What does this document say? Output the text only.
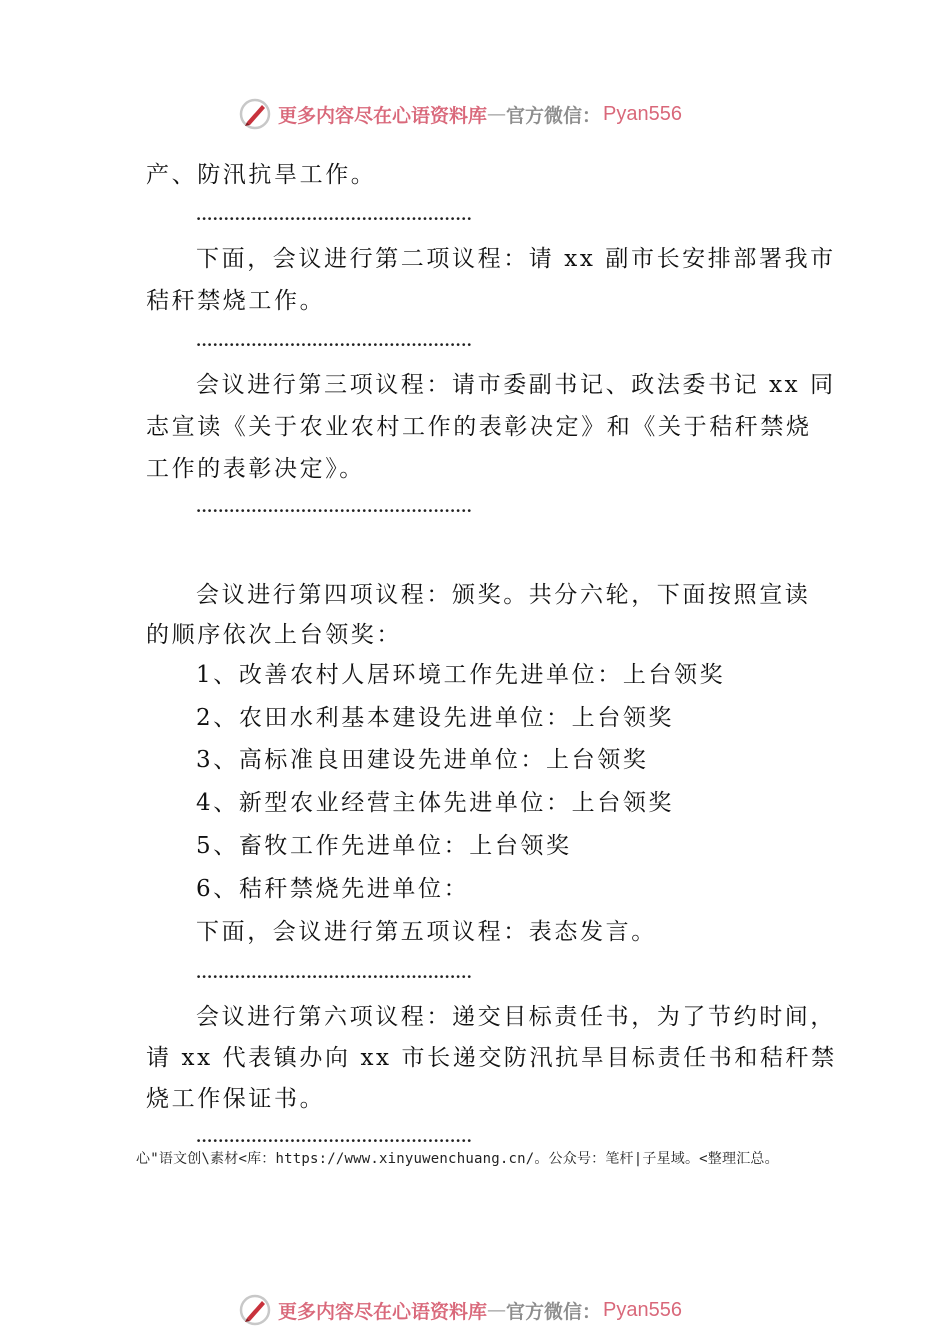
更多内容尽在心语资料库 — 官方微信： Pyan556
产、防汛抗旱工作。
..................................................
下面，会议进行第二项议程：请 xx 副市长安排部署我市
秸秆禁烧工作。
..................................................
会议进行第三项议程：请市委副书记、政法委书记 xx 同
志宣读《关于农业农村工作的表彰决定》和《关于秸秆禁烧
工作的表彰决定》。
..................................................
会议进行第四项议程：颁奖。共分六轮，下面按照宣读
的顺序依次上台领奖：
1、改善农村人居环境工作先进单位：上台领奖
2、农田水利基本建设先进单位：上台领奖
3、高标准良田建设先进单位：上台领奖
4、新型农业经营主体先进单位：上台领奖
5、畜牧工作先进单位：上台领奖
6、秸秆禁烧先进单位：
下面，会议进行第五项议程：表态发言。
..................................................
会议进行第六项议程：递交目标责任书，为了节约时间，
请 xx 代表镇办向 xx 市长递交防汛抗旱目标责任书和秸秆禁
烧工作保证书。
..................................................
心"语文创\素材<库：https://www.xinyuwenchuang.cn/。公众号：笔杆|子星域。<整理汇总。
更多内容尽在心语资料库 — 官方微信： Pyan556
